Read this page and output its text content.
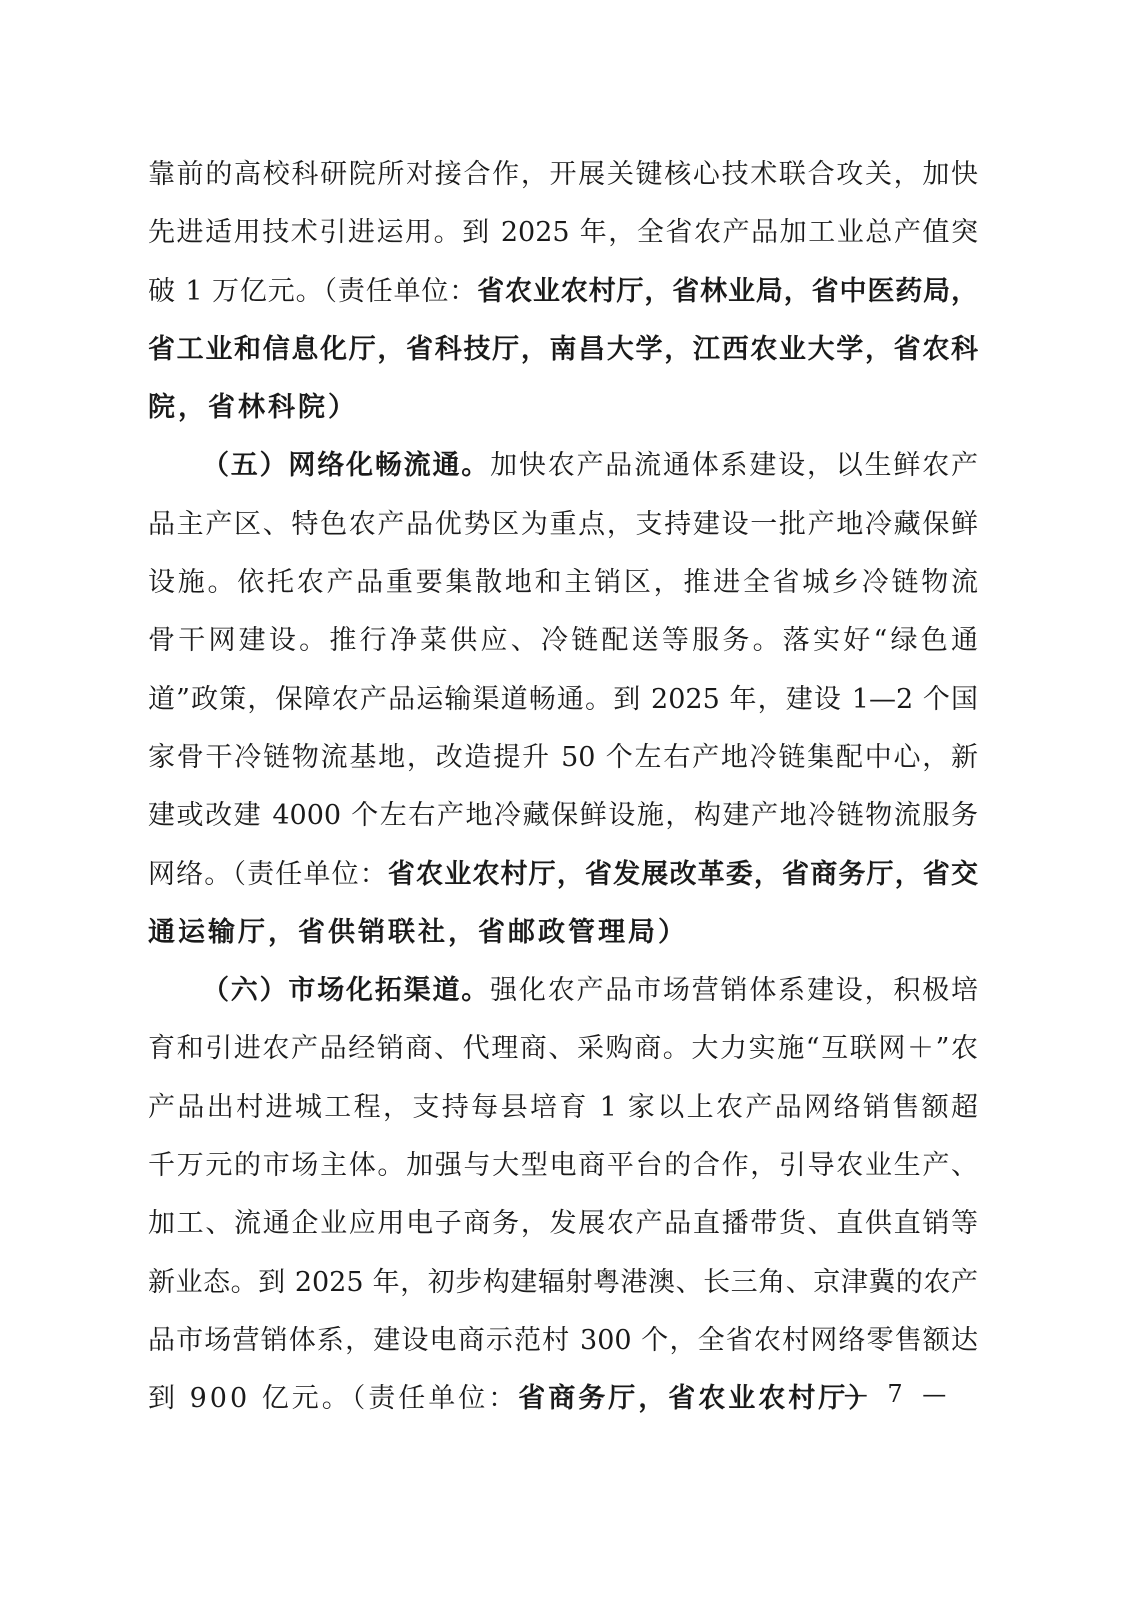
靠前的高校科研院所对接合作，开展关键核心技术联合攻关，加快
先进适用技术引进运用。到 2025 年，全省农产品加工业总产值突
破 1 万亿元。（责任单位：省农业农村厅，省林业局，省中医药局，
省工业和信息化厅，省科技厅，南昌大学，江西农业大学，省农科
院，省林科院）
（五）网络化畅流通。加快农产品流通体系建设，以生鲜农产
品主产区、特色农产品优势区为重点，支持建设一批产地冷藏保鲜
设施。依托农产品重要集散地和主销区，推进全省城乡冷链物流
骨干网建设。推行净菜供应、冷链配送等服务。落实好“绿色通
道”政策，保障农产品运输渠道畅通。到 2025 年，建设 1—2 个国
家骨干冷链物流基地，改造提升 50 个左右产地冷链集配中心，新
建或改建 4000 个左右产地冷藏保鲜设施，构建产地冷链物流服务
网络。（责任单位：省农业农村厅，省发展改革委，省商务厅，省交
通运输厅，省供销联社，省邮政管理局）
（六）市场化拓渠道。强化农产品市场营销体系建设，积极培
育和引进农产品经销商、代理商、采购商。大力实施“互联网＋”农
产品出村进城工程，支持每县培育 1 家以上农产品网络销售额超
千万元的市场主体。加强与大型电商平台的合作，引导农业生产、
加工、流通企业应用电子商务，发展农产品直播带货、直供直销等
新业态。到 2025 年，初步构建辐射粤港澳、长三角、京津冀的农产
品市场营销体系，建设电商示范村 300 个，全省农村网络零售额达
到 900 亿元。（责任单位：省商务厅，省农业农村厅）
— 7 —
